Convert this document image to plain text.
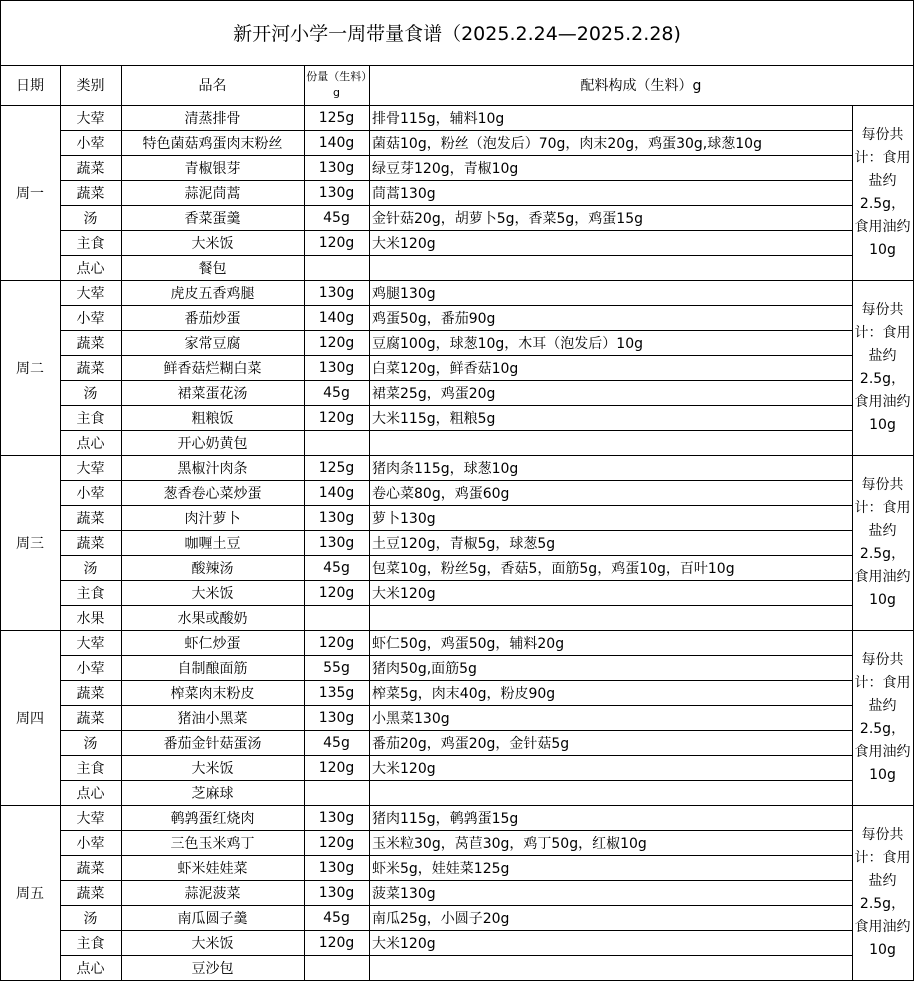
新开河小学一周带量食谱（2025.2.24—2025.2.28)
日期	类别	品名
份量（生料）g	配料构成（生料）g
周一
每份共计：食用盐约2.5g，食用油约10g
大荤	清蒸排骨	125g	排骨115g，辅料10g
小荤	特色菌菇鸡蛋肉末粉丝	140g	菌菇10g，粉丝（泡发后）70g，肉末20g，鸡蛋30g,球葱10g
蔬菜	青椒银芽	130g	绿豆芽120g，青椒10g
蔬菜	蒜泥茼蒿	130g	茼蒿130g
汤	香菜蛋羹	45g	金针菇20g，胡萝卜5g，香菜5g，鸡蛋15g
主食	大米饭	120g	大米120g
点心	餐包
周二
每份共计：食用盐约2.5g，食用油约10g
大荤	虎皮五香鸡腿	130g	鸡腿130g
小荤	番茄炒蛋	140g	鸡蛋50g，番茄90g
蔬菜	家常豆腐	120g	豆腐100g，球葱10g，木耳（泡发后）10g
蔬菜	鲜香菇烂糊白菜	130g	白菜120g，鲜香菇10g
汤	裙菜蛋花汤	45g	裙菜25g，鸡蛋20g
主食	粗粮饭	120g	大米115g，粗粮5g
点心	开心奶黄包
周三
每份共计：食用盐约2.5g，食用油约10g
大荤	黑椒汁肉条	125g	猪肉条115g，球葱10g
小荤	葱香卷心菜炒蛋	140g	卷心菜80g，鸡蛋60g
蔬菜	肉汁萝卜	130g	萝卜130g
蔬菜	咖喱土豆	130g	土豆120g，青椒5g，球葱5g
汤	酸辣汤	45g	包菜10g，粉丝5g，香菇5，面筋5g，鸡蛋10g，百叶10g
主食	大米饭	120g	大米120g
水果	水果或酸奶
周四
每份共计：食用盐约2.5g，食用油约10g
大荤	虾仁炒蛋	120g	虾仁50g，鸡蛋50g，辅料20g
小荤	自制酿面筋	55g	猪肉50g,面筋5g
蔬菜	榨菜肉末粉皮	135g	榨菜5g，肉末40g，粉皮90g
蔬菜	猪油小黑菜	130g	小黑菜130g
汤	番茄金针菇蛋汤	45g	番茄20g，鸡蛋20g，金针菇5g
主食	大米饭	120g	大米120g
点心	芝麻球
周五
每份共计：食用盐约2.5g，食用油约10g
大荤	鹌鹑蛋红烧肉	130g	猪肉115g，鹌鹑蛋15g
小荤	三色玉米鸡丁	120g	玉米粒30g，莴苣30g，鸡丁50g，红椒10g
蔬菜	虾米娃娃菜	130g	虾米5g，娃娃菜125g
蔬菜	蒜泥菠菜	130g	菠菜130g
汤	南瓜圆子羹	45g	南瓜25g，小圆子20g
主食	大米饭	120g	大米120g
点心	豆沙包
